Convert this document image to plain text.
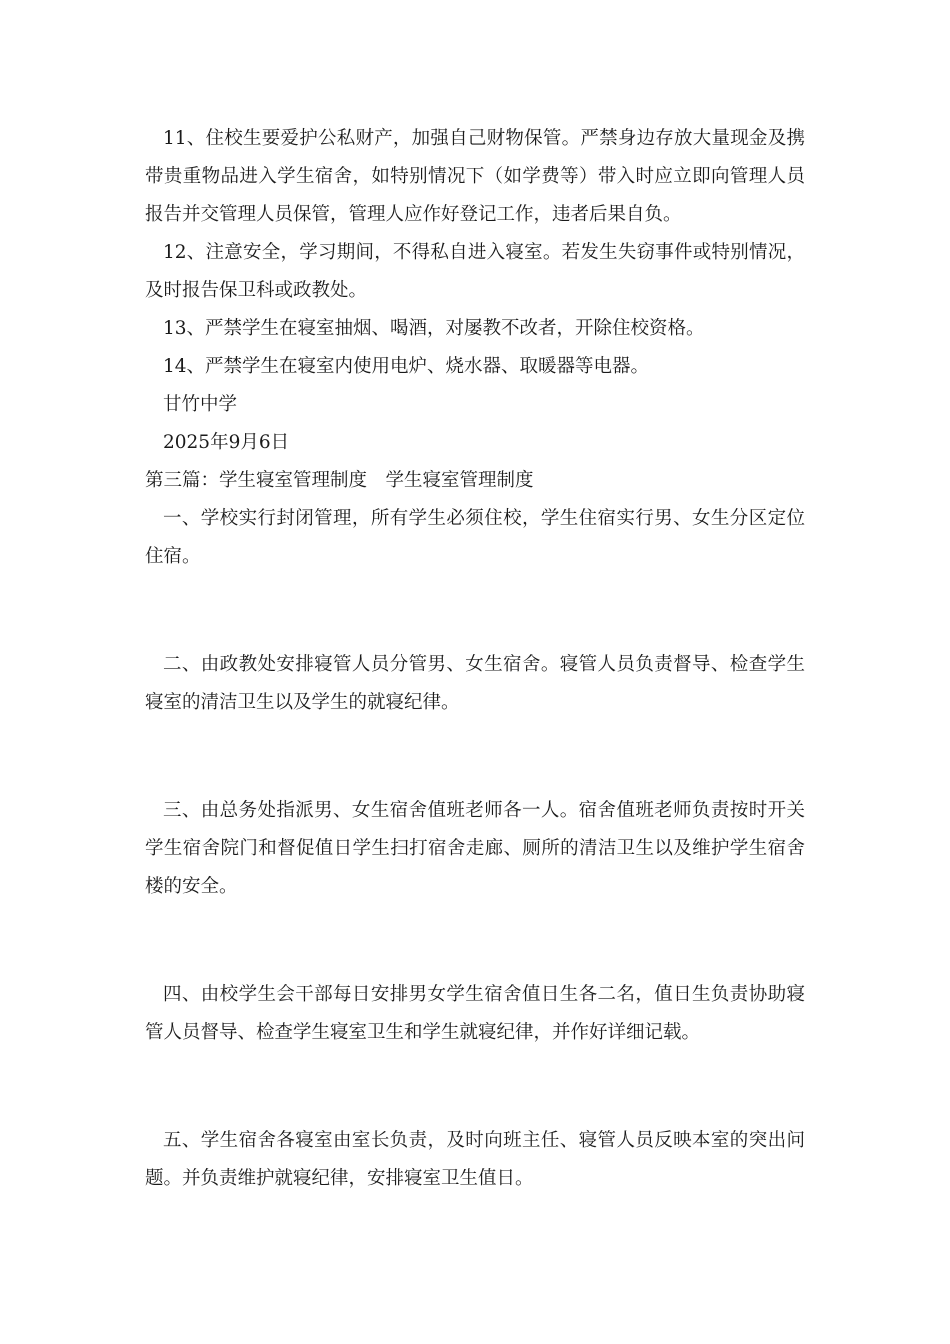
11、住校生要爱护公私财产，加强自己财物保管。严禁身边存放大量现金及携带贵重物品进入学生宿舍，如特别情况下（如学费等）带入时应立即向管理人员报告并交管理人员保管，管理人应作好登记工作，违者后果自负。

12、注意安全，学习期间，不得私自进入寝室。若发生失窃事件或特别情况，及时报告保卫科或政教处。

13、严禁学生在寝室抽烟、喝酒，对屡教不改者，开除住校资格。

14、严禁学生在寝室内使用电炉、烧水器、取暖器等电器。

甘竹中学

2025年9月6日

第三篇：学生寝室管理制度　学生寝室管理制度

一、学校实行封闭管理，所有学生必须住校，学生住宿实行男、女生分区定位住宿。

二、由政教处安排寝管人员分管男、女生宿舍。寝管人员负责督导、检查学生寝室的清洁卫生以及学生的就寝纪律。

三、由总务处指派男、女生宿舍值班老师各一人。宿舍值班老师负责按时开关学生宿舍院门和督促值日学生扫打宿舍走廊、厕所的清洁卫生以及维护学生宿舍楼的安全。

四、由校学生会干部每日安排男女学生宿舍值日生各二名，值日生负责协助寝管人员督导、检查学生寝室卫生和学生就寝纪律，并作好详细记载。

五、学生宿舍各寝室由室长负责，及时向班主任、寝管人员反映本室的突出问题。并负责维护就寝纪律，安排寝室卫生值日。
